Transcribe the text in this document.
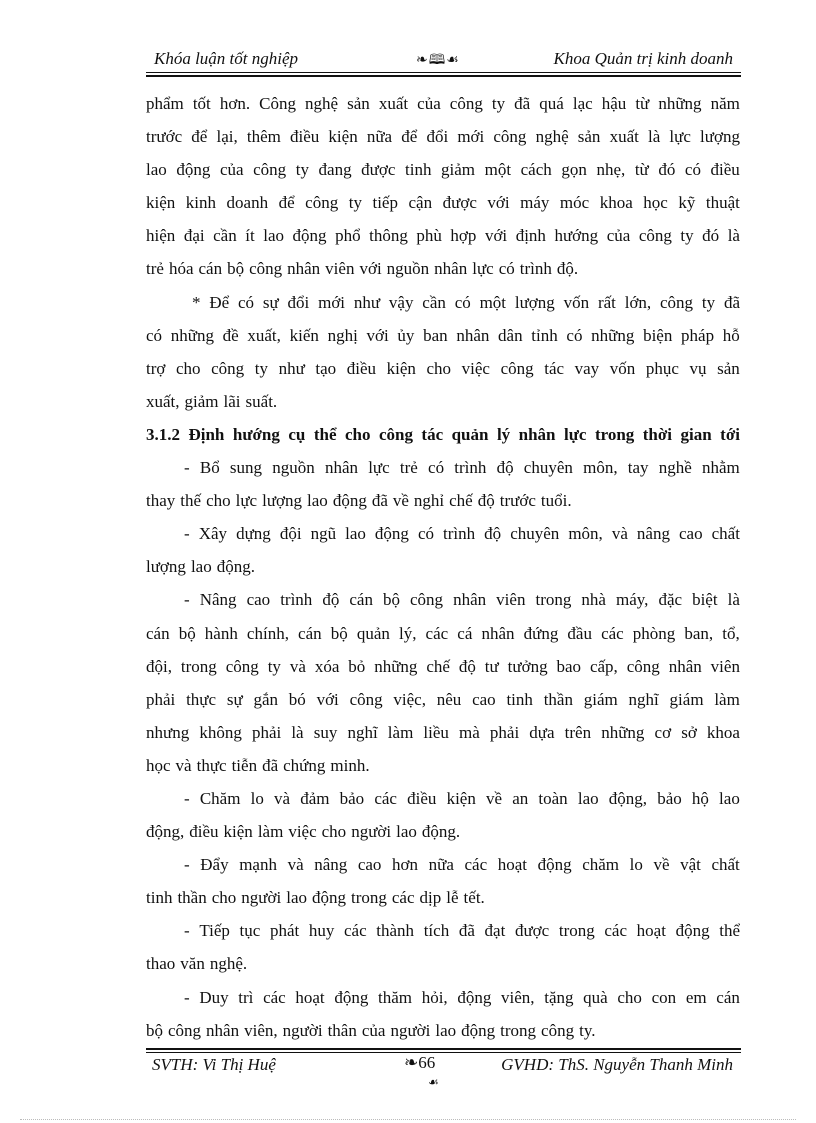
Khóa luận tốt nghiệp	❧🕮☙	Khoa Quản trị kinh doanh
phẩm tốt hơn. Công nghệ sản xuất của công ty đã quá lạc hậu từ những năm
trước để lại, thêm điều kiện nữa để đổi mới công nghệ sản xuất là lực lượng
lao động của công ty đang được tinh giảm một cách gọn nhẹ, từ đó có điều
kiện kinh doanh để công ty tiếp cận được với máy móc khoa học kỹ thuật
hiện đại cần ít lao động phổ thông phù hợp với định hướng của công ty đó là
trẻ hóa cán bộ công nhân viên với nguồn nhân lực có trình độ.
* Để có sự đổi mới như vậy cần có một lượng vốn rất lớn, công ty đã
có những đề xuất, kiến nghị với ủy ban nhân dân tỉnh có những biện pháp hỗ
trợ cho công ty như tạo điều kiện cho việc công tác vay vốn phục vụ sản
xuất, giảm lãi suất.
3.1.2 Định hướng cụ thể cho công tác quản lý nhân lực trong thời gian tới
- Bổ sung nguồn nhân lực trẻ có trình độ chuyên môn, tay nghề nhằm
thay thế cho lực lượng lao động đã về nghỉ chế độ trước tuổi.
- Xây dựng đội ngũ lao động có trình độ chuyên môn, và nâng cao chất
lượng lao động.
- Nâng cao trình độ cán bộ công nhân viên trong nhà máy, đặc biệt là
cán bộ hành chính, cán bộ quản lý, các cá nhân đứng đầu các phòng ban, tổ,
đội, trong công ty và xóa bỏ những chế độ tư tưởng bao cấp, công nhân viên
phải thực sự gắn bó với công việc, nêu cao tinh thần giám nghĩ giám làm
nhưng không phải là suy nghĩ làm liều mà phải dựa trên những cơ sở khoa
học và thực tiễn đã chứng minh.
- Chăm lo và đảm bảo các điều kiện về an toàn lao động, bảo hộ lao
động, điều kiện làm việc cho người lao động.
- Đẩy mạnh và nâng cao hơn nữa các hoạt động chăm lo về vật chất
tinh thần cho người lao động trong các dịp lễ tết.
- Tiếp tục phát huy các thành tích đã đạt được trong các hoạt động thể
thao văn nghệ.
- Duy trì các hoạt động thăm hỏi, động viên, tặng quà cho con em cán
bộ công nhân viên, người thân của người lao động trong công ty.
SVTH: Vi Thị Huệ	❧66
☙
GVHD: ThS. Nguyễn Thanh Minh
